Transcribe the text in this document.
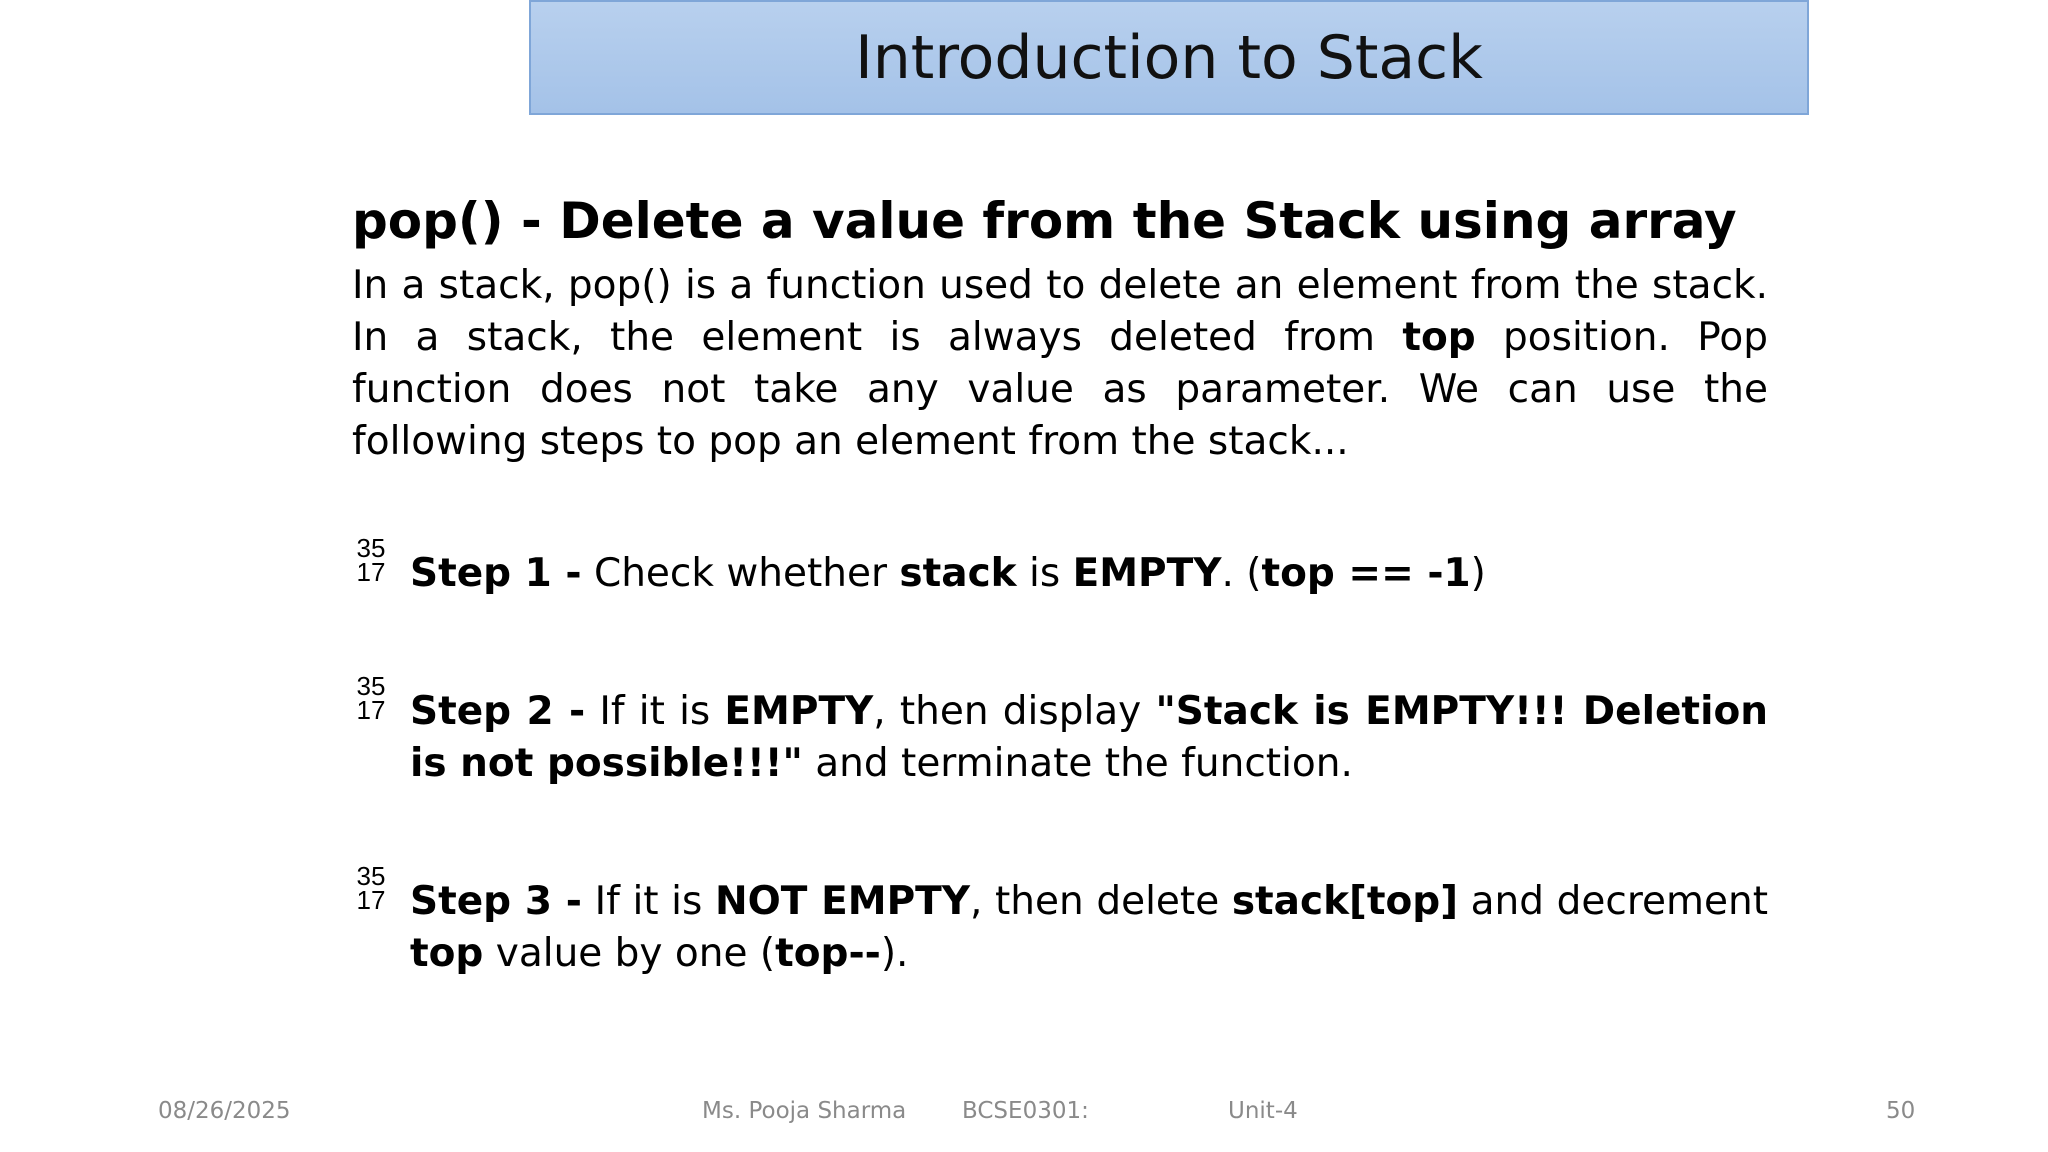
Introduction to Stack
pop() - Delete a value from the Stack using array
In a stack, pop() is a function used to delete an element from the stack. In a stack, the element is always deleted from top position. Pop function does not take any value as parameter. We can use the following steps to pop an element from the stack...
35
17 Step 1 - Check whether stack is EMPTY. (top == -1)
35
17 Step 2 - If it is EMPTY, then display "Stack is EMPTY!!! Deletion is not possible!!!" and terminate the function.
35
17 Step 3 - If it is NOT EMPTY, then delete stack[top] and decrement top value by one (top--).
08/26/2025	Ms. Pooja Sharma BCSE0301:	Unit-4	50
